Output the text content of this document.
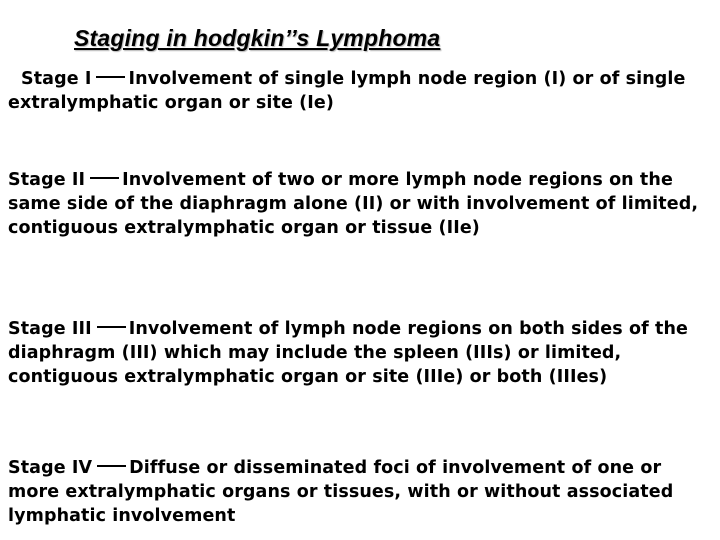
Staging in hodgkin’’s Lymphoma

Stage I Involvement of single lymph node region (I) or of single extralymphatic organ or site (Ie)

Stage II Involvement of two or more lymph node regions on the same side of the diaphragm alone (II) or with involvement of limited, contiguous extralymphatic organ or tissue (IIe)

Stage III Involvement of lymph node regions on both sides of the diaphragm (III) which may include the spleen (IIIs) or limited, contiguous extralymphatic organ or site (IIIe) or both (IIIes)

Stage IV Diffuse or disseminated foci of involvement of one or more extralymphatic organs or tissues, with or without associated lymphatic involvement
